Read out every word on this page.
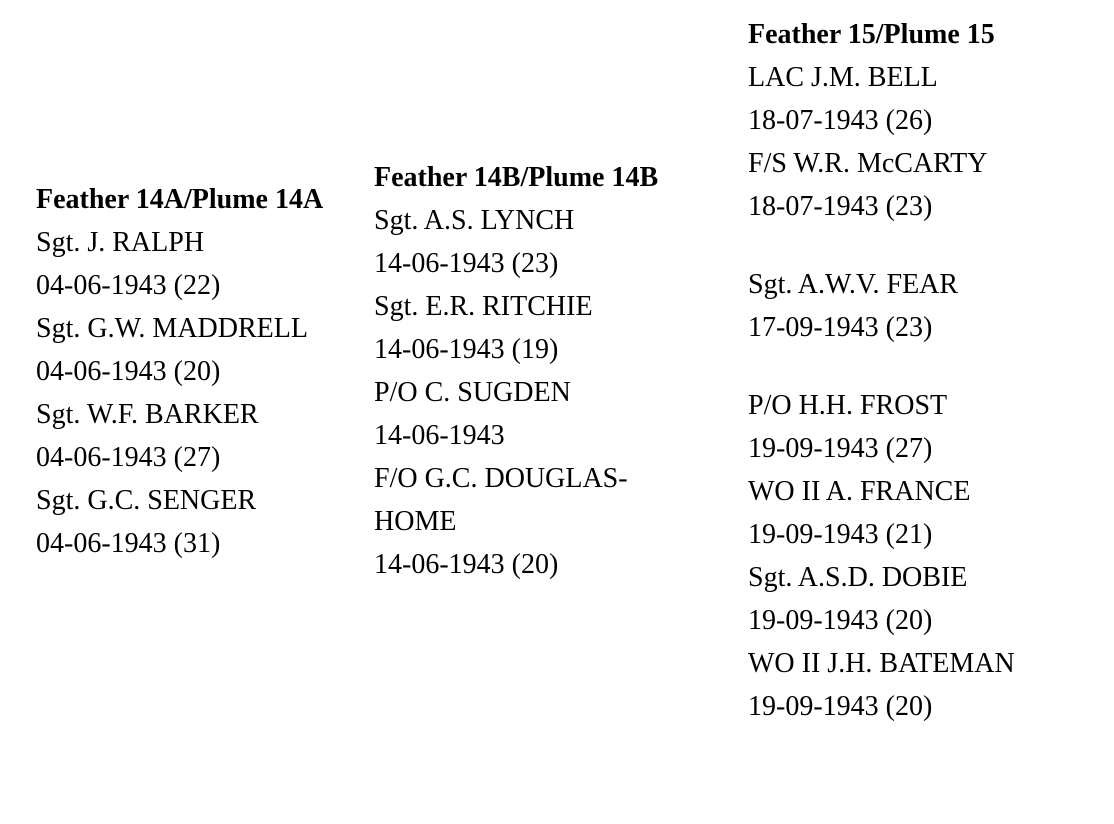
Feather 14A/Plume 14A
Sgt. J. RALPH
04-06-1943 (22)
Sgt. G.W. MADDRELL
04-06-1943 (20)
Sgt. W.F. BARKER
04-06-1943 (27)
Sgt. G.C. SENGER
04-06-1943 (31)
Feather 14B/Plume 14B
Sgt. A.S. LYNCH
14-06-1943 (23)
Sgt. E.R. RITCHIE
14-06-1943 (19)
P/O C. SUGDEN
14-06-1943
F/O G.C. DOUGLAS-HOME
14-06-1943 (20)
Feather 15/Plume 15
LAC J.M. BELL
18-07-1943 (26)
F/S W.R. McCARTY
18-07-1943 (23)
Sgt. A.W.V. FEAR
17-09-1943 (23)
P/O H.H. FROST
19-09-1943 (27)
WO II A. FRANCE
19-09-1943 (21)
Sgt. A.S.D. DOBIE
19-09-1943 (20)
WO II J.H. BATEMAN
19-09-1943 (20)
